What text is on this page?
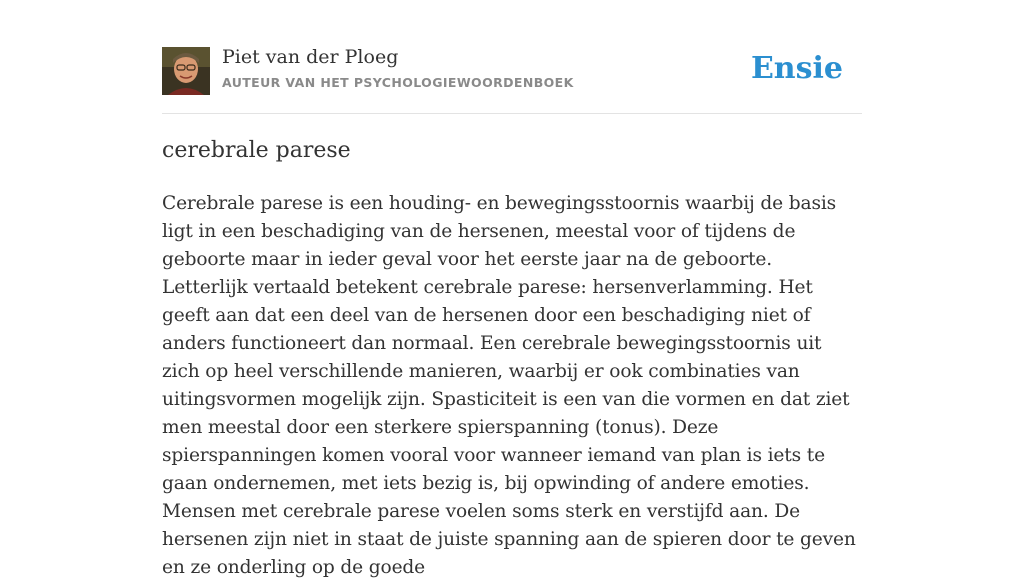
Piet van der Ploeg
AUTEUR VAN HET PSYCHOLOGIEWOORDENBOEK	Ensie
cerebrale parese

Cerebrale parese is een houding- en bewegingsstoornis waarbij de basis ligt in een beschadiging van de hersenen, meestal voor of tijdens de geboorte maar in ieder geval voor het eerste jaar na de geboorte. Letterlijk vertaald betekent cerebrale parese: hersenverlamming. Het geeft aan dat een deel van de hersenen door een beschadiging niet of anders functioneert dan normaal. Een cerebrale bewegingsstoornis uit zich op heel verschillende manieren, waarbij er ook combinaties van uitingsvormen mogelijk zijn. Spasticiteit is een van die vormen en dat ziet men meestal door een sterkere spierspanning (tonus). Deze spierspanningen komen vooral voor wanneer iemand van plan is iets te gaan ondernemen, met iets bezig is, bij opwinding of andere emoties. Mensen met cerebrale parese voelen soms sterk en verstijfd aan. De hersenen zijn niet in staat de juiste spanning aan de spieren door te geven en ze onderling op de goede
